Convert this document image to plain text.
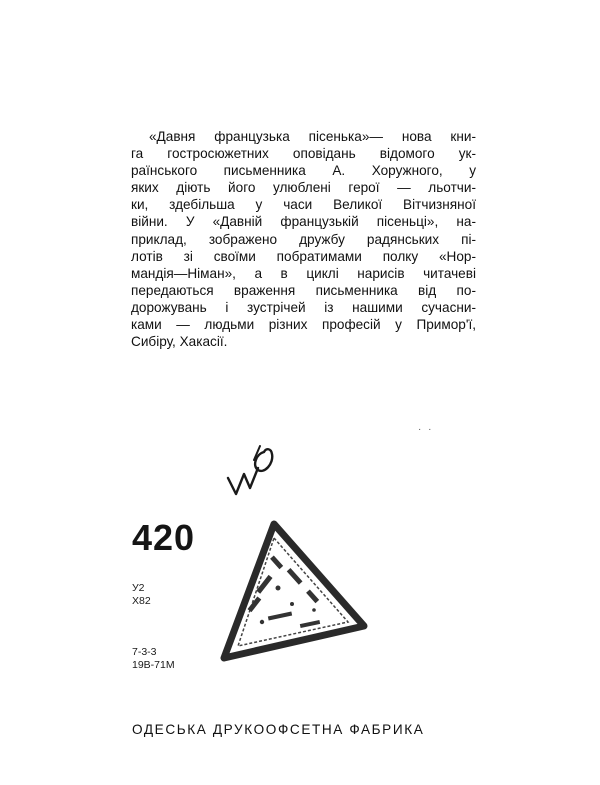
«Давня французька пісенька»— нова кни-
га гостросюжетних оповідань відомого ук-
раїнського письменника А. Хоружного, у
яких діють його улюблені герої — льотчи-
ки, здебільша у часи Великої Вітчизняної
війни. У «Давній французькій пісеньці», на-
приклад, зображено дружбу радянських пі-
лотів зі своїми побратимами полку «Нор-
мандія—Німан», а в циклі нарисів читачеві
передаються враження письменника від по-
дорожувань і зустрічей із нашими сучасни-
ками — людьми різних професій у Примор'ї,
Сибіру, Хакасії.
· ·
420
У2
Х82
7-3-3
19В-71М
ОДЕСЬКА ДРУКООФСЕТНА ФАБРИКА
